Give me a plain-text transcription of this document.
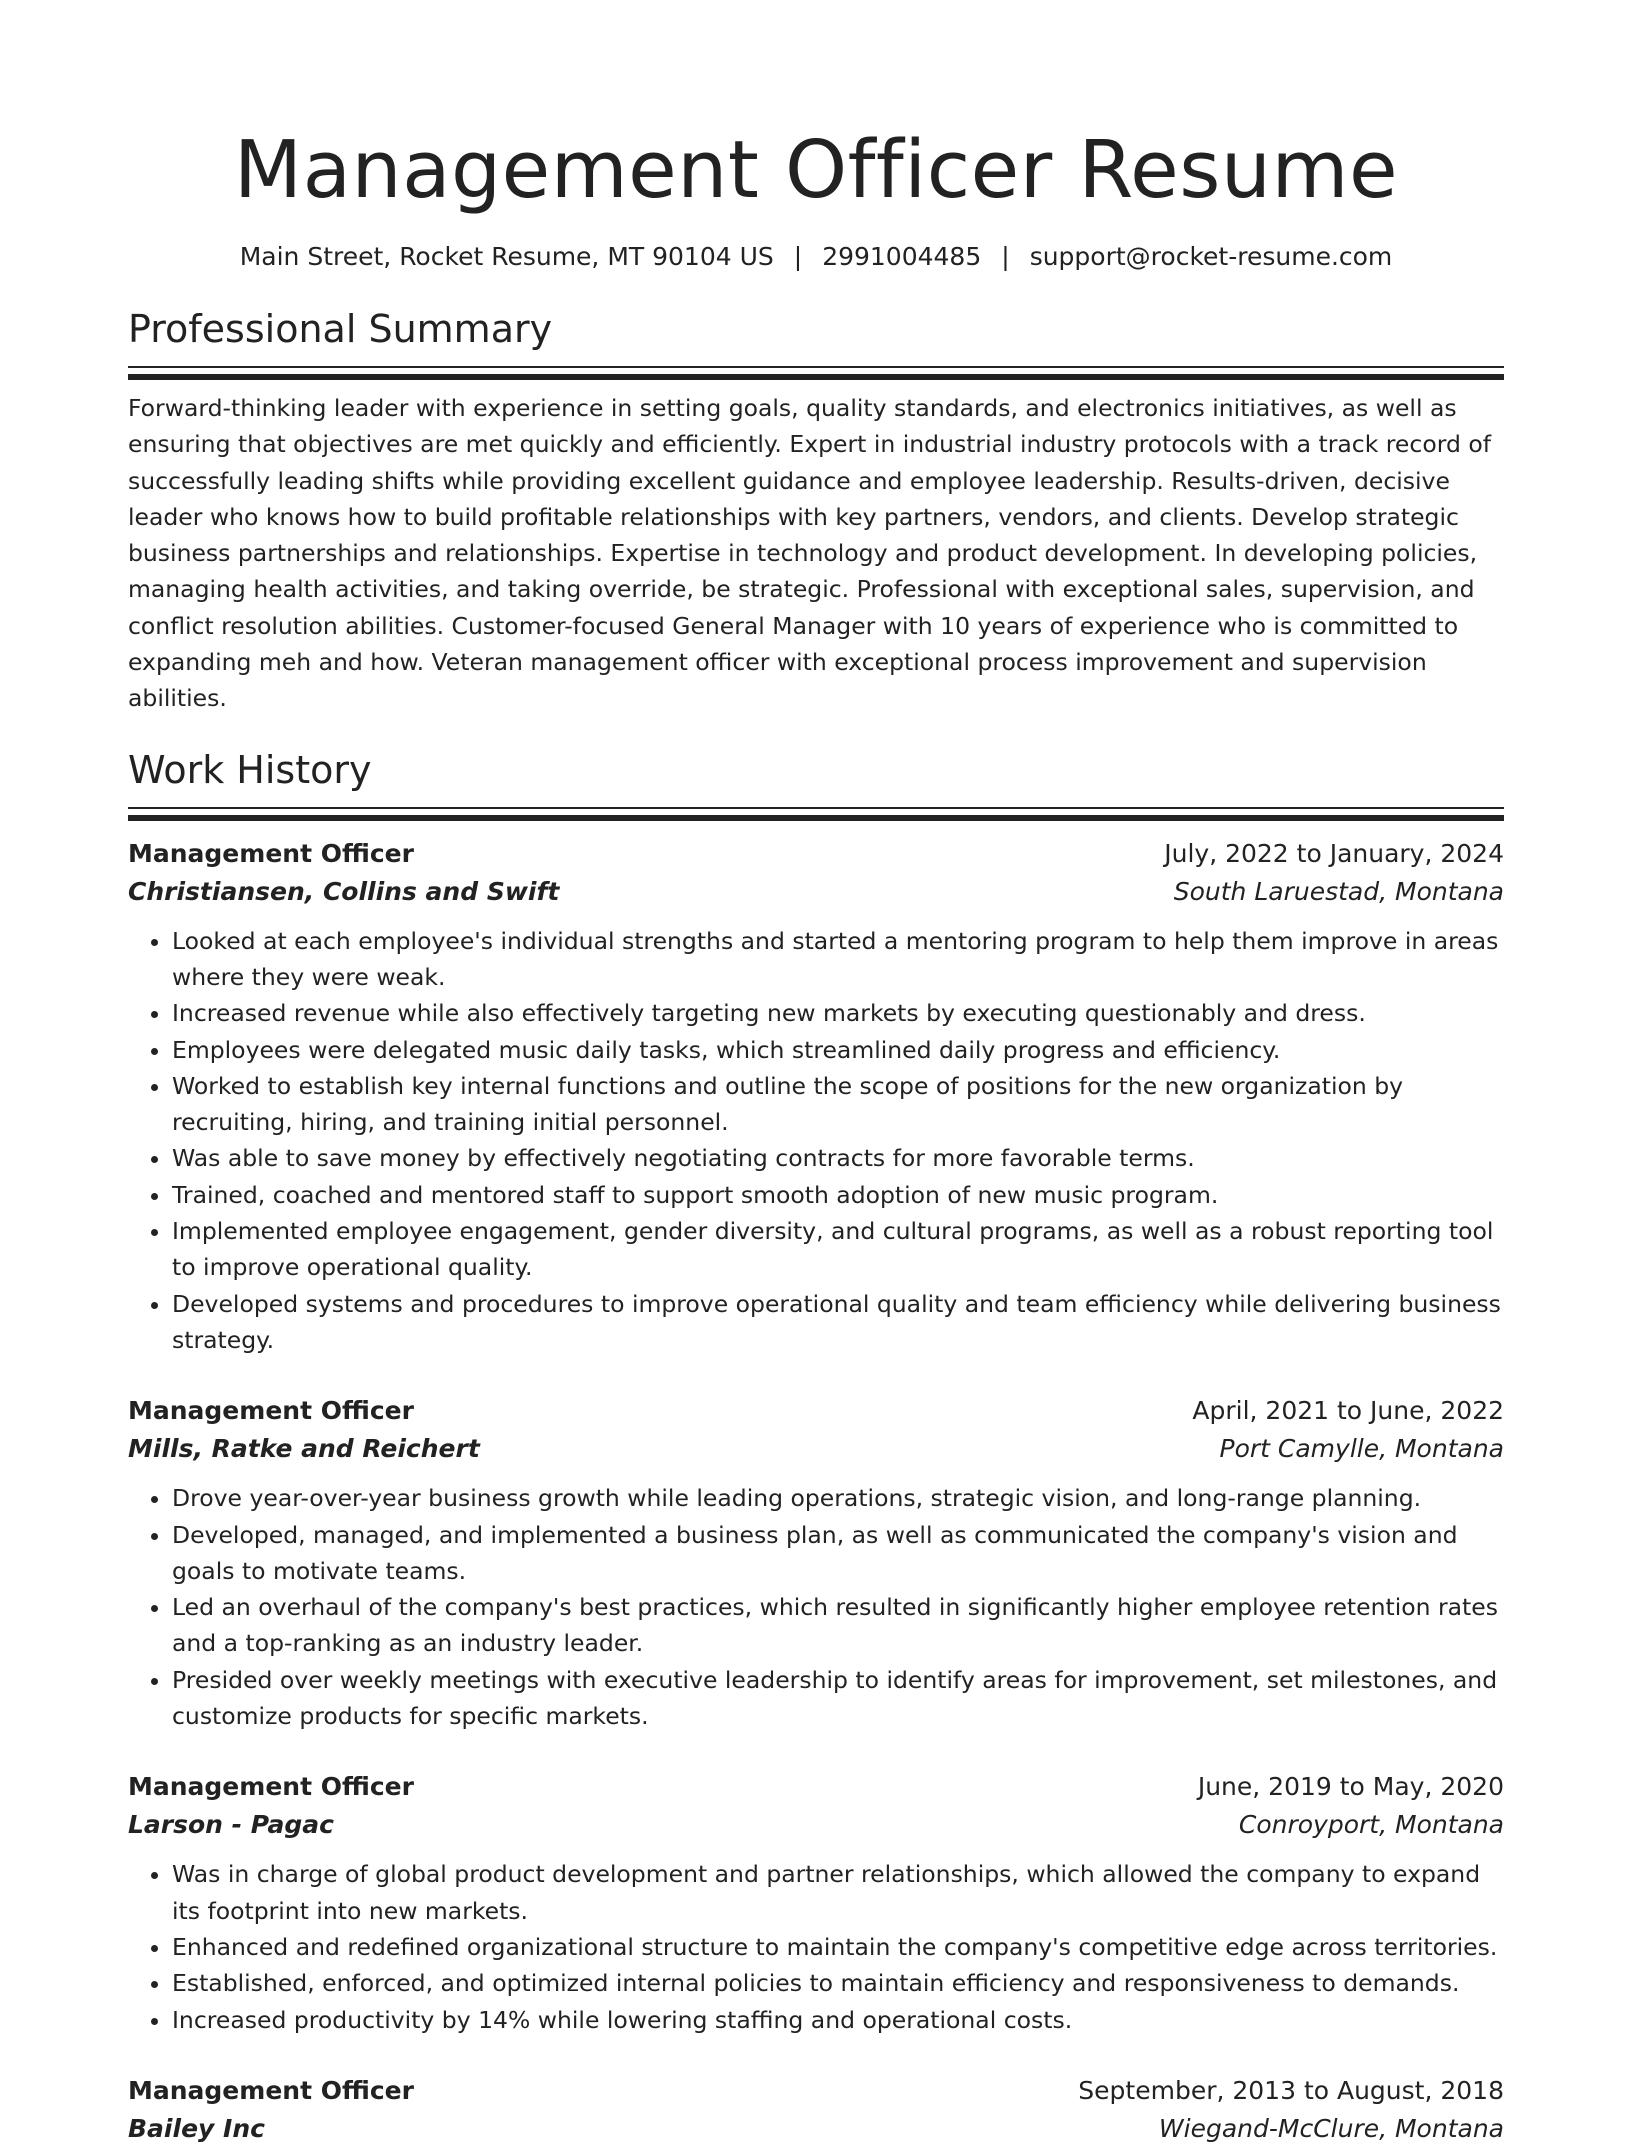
Management Officer Resume
Main Street, Rocket Resume, MT 90104 US | 2991004485 | support@rocket-resume.com
Professional Summary

Forward-thinking leader with experience in setting goals, quality standards, and electronics initiatives, as well as ensuring that objectives are met quickly and efficiently. Expert in industrial industry protocols with a track record of successfully leading shifts while providing excellent guidance and employee leadership. Results-driven, decisive leader who knows how to build profitable relationships with key partners, vendors, and clients. Develop strategic business partnerships and relationships. Expertise in technology and product development. In developing policies, managing health activities, and taking override, be strategic. Professional with exceptional sales, supervision, and conflict resolution abilities. Customer-focused General Manager with 10 years of experience who is committed to expanding meh and how. Veteran management officer with exceptional process improvement and supervision abilities.

Work History
Management Officer	July, 2022 to January, 2024
Christiansen, Collins and Swift	South Laruestad, Montana
• Looked at each employee's individual strengths and started a mentoring program to help them improve in areas where they were weak.
• Increased revenue while also effectively targeting new markets by executing questionably and dress.
• Employees were delegated music daily tasks, which streamlined daily progress and efficiency.
• Worked to establish key internal functions and outline the scope of positions for the new organization by recruiting, hiring, and training initial personnel.
• Was able to save money by effectively negotiating contracts for more favorable terms.
• Trained, coached and mentored staff to support smooth adoption of new music program.
• Implemented employee engagement, gender diversity, and cultural programs, as well as a robust reporting tool to improve operational quality.
• Developed systems and procedures to improve operational quality and team efficiency while delivering business strategy.
Management Officer	April, 2021 to June, 2022
Mills, Ratke and Reichert	Port Camylle, Montana
• Drove year-over-year business growth while leading operations, strategic vision, and long-range planning.
• Developed, managed, and implemented a business plan, as well as communicated the company's vision and goals to motivate teams.
• Led an overhaul of the company's best practices, which resulted in significantly higher employee retention rates and a top-ranking as an industry leader.
• Presided over weekly meetings with executive leadership to identify areas for improvement, set milestones, and customize products for specific markets.
Management Officer	June, 2019 to May, 2020
Larson - Pagac	Conroyport, Montana
• Was in charge of global product development and partner relationships, which allowed the company to expand its footprint into new markets.
• Enhanced and redefined organizational structure to maintain the company's competitive edge across territories.
• Established, enforced, and optimized internal policies to maintain efficiency and responsiveness to demands.
• Increased productivity by 14% while lowering staffing and operational costs.
Management Officer	September, 2013 to August, 2018
Bailey Inc	Wiegand-McClure, Montana
